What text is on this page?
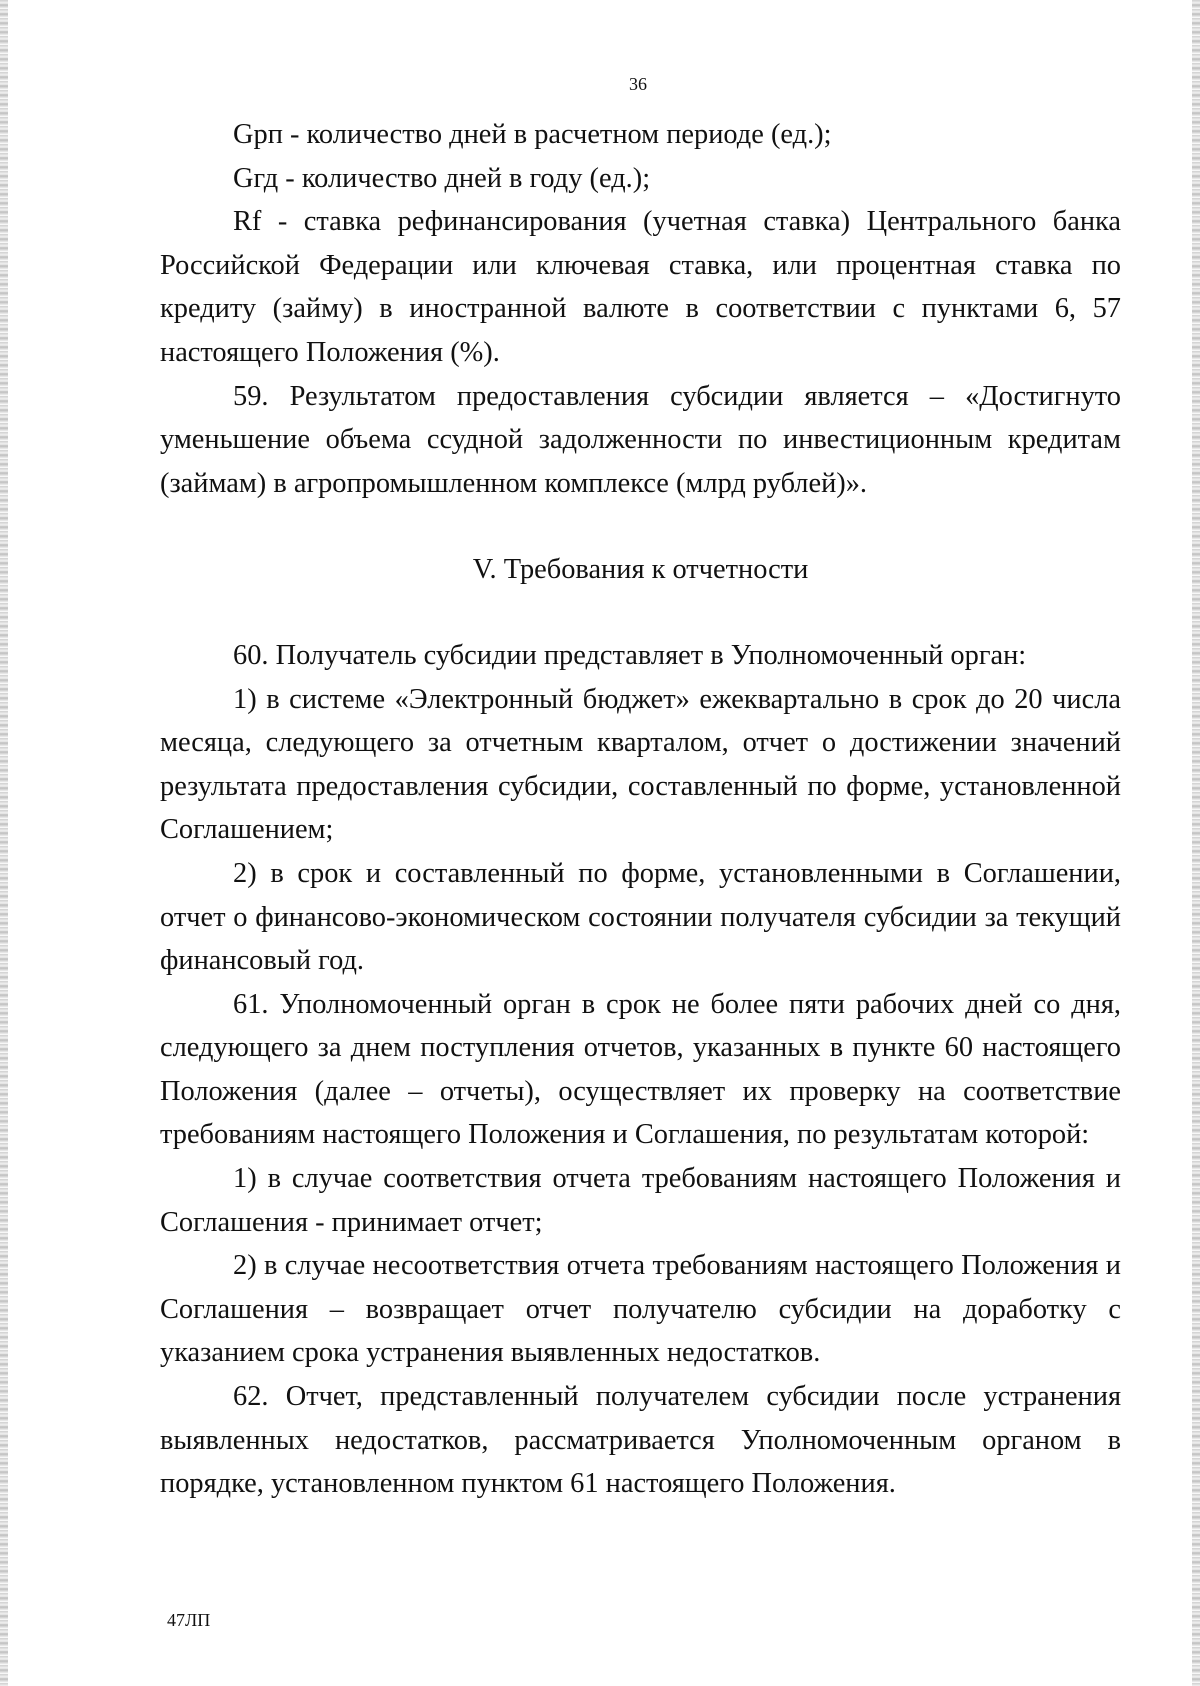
36

Gрп - количество дней в расчетном периоде (ед.);

Gгд - количество дней в году (ед.);

Rf - ставка рефинансирования (учетная ставка) Центрального банка Российской Федерации или ключевая ставка, или процентная ставка по кредиту (займу) в иностранной валюте в соответствии с пунктами 6, 57 настоящего Положения (%).

59. Результатом предоставления субсидии является – «Достигнуто уменьшение объема ссудной задолженности по инвестиционным кредитам (займам) в агропромышленном комплексе (млрд рублей)».

V. Требования к отчетности

60. Получатель субсидии представляет в Уполномоченный орган:

1) в системе «Электронный бюджет» ежеквартально в срок до 20 числа месяца, следующего за отчетным кварталом, отчет о достижении значений результата предоставления субсидии, составленный по форме, установленной Соглашением;

2) в срок и составленный по форме, установленными в Соглашении, отчет о финансово-экономическом состоянии получателя субсидии за текущий финансовый год.

61. Уполномоченный орган в срок не более пяти рабочих дней со дня, следующего за днем поступления отчетов, указанных в пункте 60 настоящего Положения (далее – отчеты), осуществляет их проверку на соответствие требованиям настоящего Положения и Соглашения, по результатам которой:

1) в случае соответствия отчета требованиям настоящего Положения и Соглашения - принимает отчет;

2) в случае несоответствия отчета требованиям настоящего Положения и Соглашения – возвращает отчет получателю субсидии на доработку с указанием срока устранения выявленных недостатков.

62. Отчет, представленный получателем субсидии после устранения выявленных недостатков, рассматривается Уполномоченным органом в порядке, установленном пунктом 61 настоящего Положения.

47ЛП
